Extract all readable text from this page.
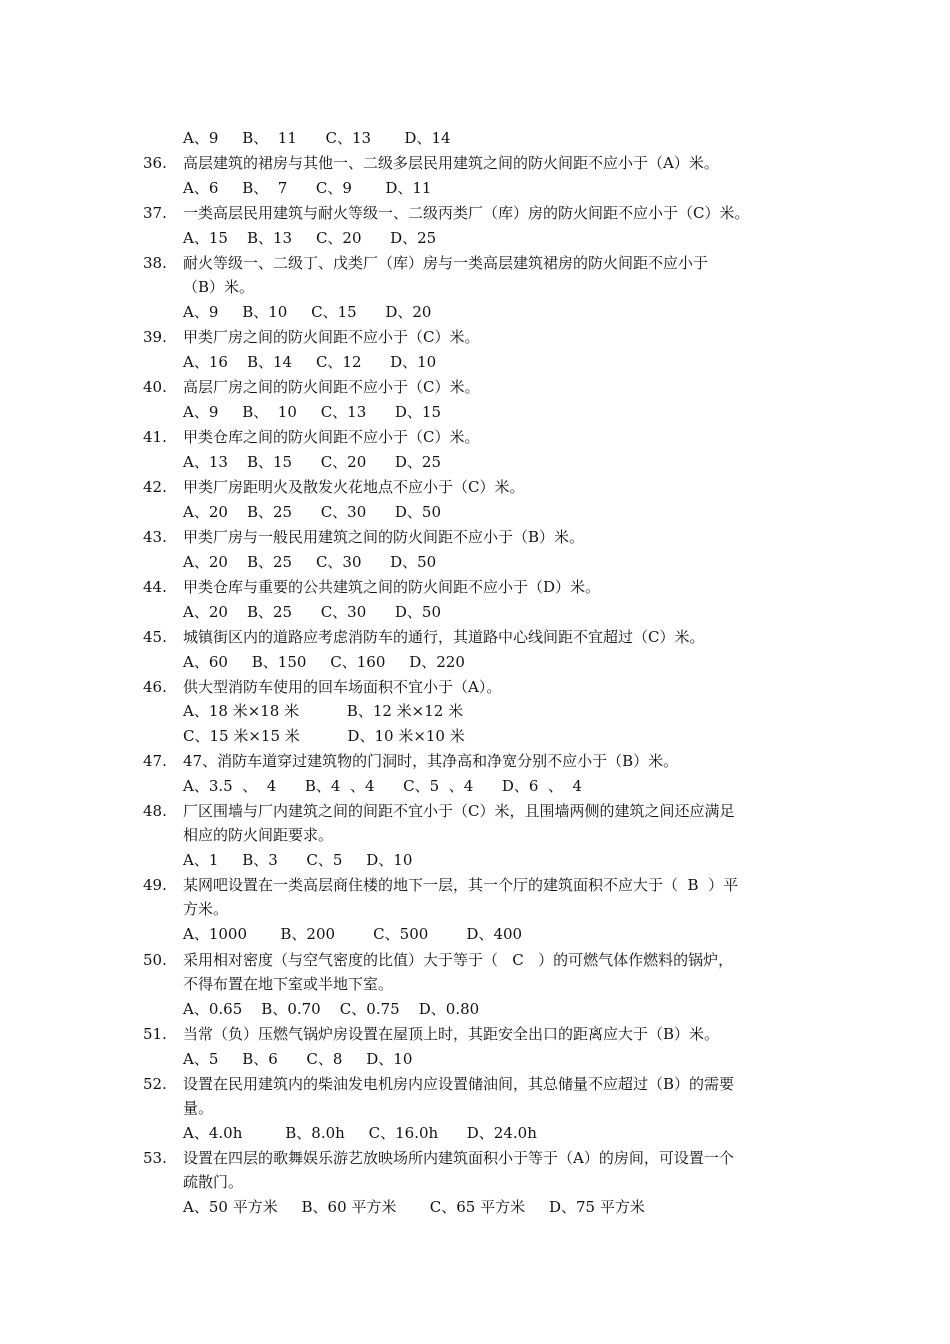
A、9     B、  11      C、13       D、14
36.	高层建筑的裙房与其他一、二级多层民用建筑之间的防火间距不应小于（A）米。
A、6     B、  7      C、9       D、11
37.	一类高层民用建筑与耐火等级一、二级丙类厂（库）房的防火间距不应小于（C）米。
A、15    B、13     C、20      D、25
38.	耐火等级一、二级丁、戊类厂（库）房与一类高层建筑裙房的防火间距不应小于
（B）米。
A、9     B、10     C、15      D、20
39.	甲类厂房之间的防火间距不应小于（C）米。
A、16    B、14     C、12      D、10
40.	高层厂房之间的防火间距不应小于（C）米。
A、9     B、  10     C、13      D、15
41.	甲类仓库之间的防火间距不应小于（C）米。
A、13    B、15      C、20      D、25
42.	甲类厂房距明火及散发火花地点不应小于（C）米。
A、20    B、25      C、30      D、50
43.	甲类厂房与一般民用建筑之间的防火间距不应小于（B）米。
A、20    B、25     C、30      D、50
44.	甲类仓库与重要的公共建筑之间的防火间距不应小于（D）米。
A、20    B、25      C、30      D、50
45.	城镇街区内的道路应考虑消防车的通行，其道路中心线间距不宜超过（C）米。
A、60     B、150     C、160     D、220
46.	供大型消防车使用的回车场面积不宜小于（A）。
A、18 米×18 米          B、12 米×12 米
C、15 米×15 米          D、10 米×10 米
47.	47、消防车道穿过建筑物的门洞时，其净高和净宽分别不应小于（B）米。
A、3.5  、  4      B、4  、4      C、5  、4      D、6  、  4
48.	厂区围墙与厂内建筑之间的间距不宜小于（C）米，且围墙两侧的建筑之间还应满足
相应的防火间距要求。
A、1     B、3      C、5     D、10
49.	某网吧设置在一类高层商住楼的地下一层，其一个厅的建筑面积不应大于（  B  ）平
方米。
A、1000       B、200        C、500        D、400
50.	采用相对密度（与空气密度的比值）大于等于（   C   ）的可燃气体作燃料的锅炉，
不得布置在地下室或半地下室。
A、0.65    B、0.70    C、0.75    D、0.80
51.	当常（负）压燃气锅炉房设置在屋顶上时，其距安全出口的距离应大于（B）米。
A、5     B、6      C、8     D、10
52.	设置在民用建筑内的柴油发电机房内应设置储油间，其总储量不应超过（B）的需要
量。
A、4.0h         B、8.0h     C、16.0h      D、24.0h
53.	设置在四层的歌舞娱乐游艺放映场所内建筑面积小于等于（A）的房间，可设置一个
疏散门。
A、50 平方米     B、60 平方米       C、65 平方米     D、75 平方米
